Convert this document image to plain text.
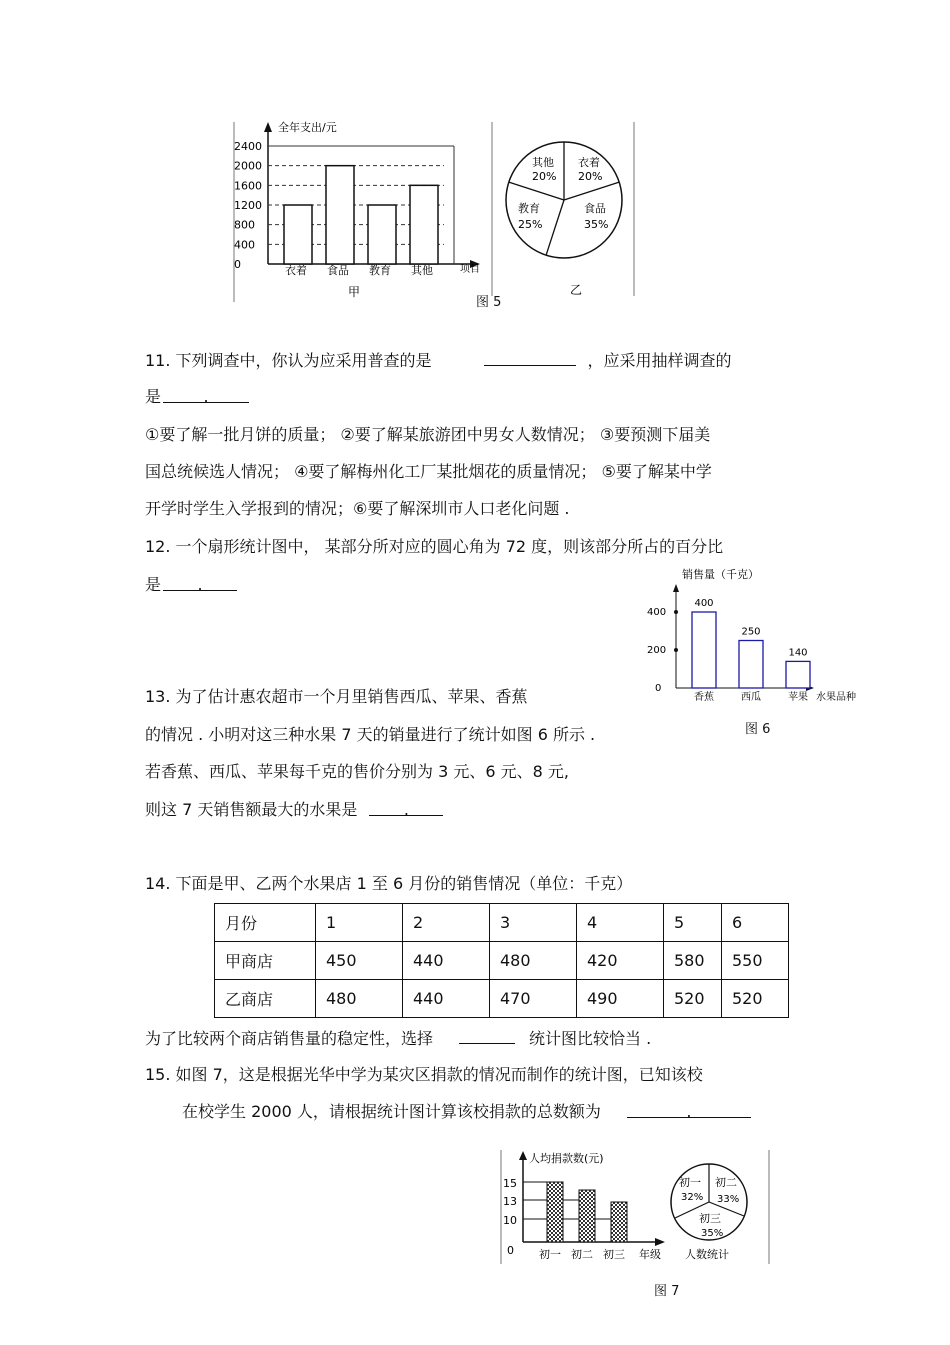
全年支出/元
项目
2400
2000
1600
1200
800
400
0	衣着 食品 教育 其他
甲
其他
20%
衣着
20%
教育
25%
食品
35%
乙
图 5
11. 下列调查中，你认为应采用普查的是	，应采用抽样调查的
是	.
①要了解一批月饼的质量； ②要了解某旅游团中男女人数情况； ③要预测下届美
国总统候选人情况； ④要了解梅州化工厂某批烟花的质量情况； ⑤要了解某中学
开学时学生入学报到的情况；⑥要了解深圳市人口老化问题 .
12. 一个扇形统计图中， 某部分所对应的圆心角为 72 度，则该部分所占的百分比
是 .
销售量（千克）
400
200
0
400
香蕉
250
西瓜
140
苹果 水果品种
图 6
13. 为了估计惠农超市一个月里销售西瓜、苹果、香蕉
的情况 . 小明对这三种水果 7 天的销量进行了统计如图 6 所示 .
若香蕉、西瓜、苹果每千克的售价分别为 3 元、6 元、8 元,
则这 7 天销售额最大的水果是	.
14. 下面是甲、乙两个水果店 1 至 6 月份的销售情况（单位：千克）
月份	1	2	3	4	5	6
甲商店	450	440	480	420	580	550
乙商店	480	440	470	490	520	520
为了比较两个商店销售量的稳定性，选择	统计图比较恰当 .
15. 如图 7，这是根据光华中学为某灾区捐款的情况而制作的统计图，已知该校
在校学生 2000 人，请根据统计图计算该校捐款的总数额为	.
人均捐款数(元)
15
13
10
0 初一 初二 初三 年级
初一
32%
初二
33%
初三
35%
人数统计
图 7
